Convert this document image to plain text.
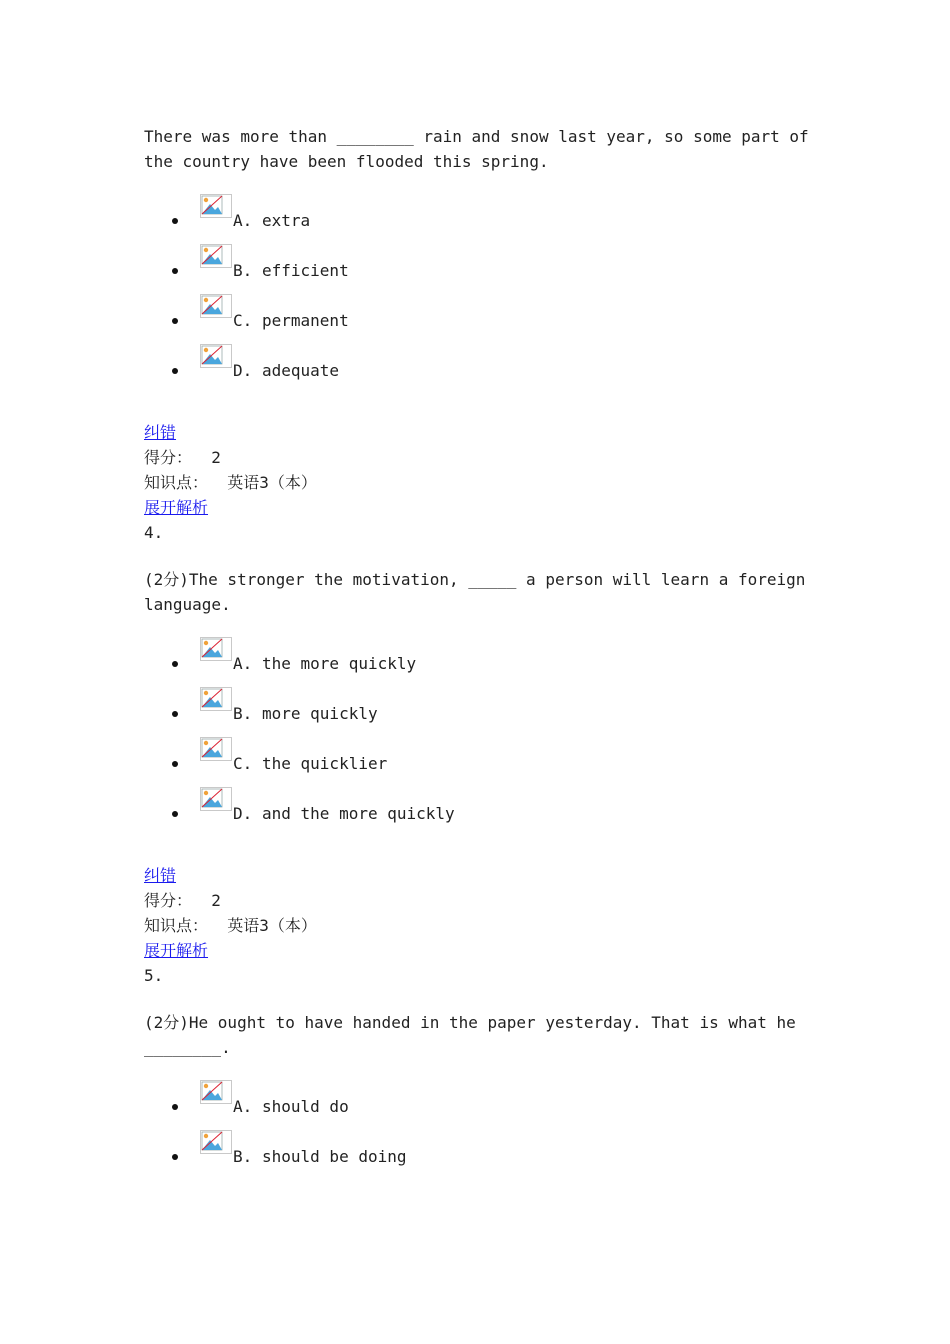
There was more than ________ rain and snow last year, so some part of the country have been flooded this spring.

A. extra
B. efficient
C. permanent
D. adequate

纠错

得分： 2

知识点： 英语3（本）

展开解析

4.

(2分)The stronger the motivation, _____ a person will learn a foreign language.

A. the more quickly
B. more quickly
C. the quicklier
D. and the more quickly

纠错

得分： 2

知识点： 英语3（本）

展开解析

5.

(2分)He ought to have handed in the paper yesterday. That is what he ________.

A. should do
B. should be doing
